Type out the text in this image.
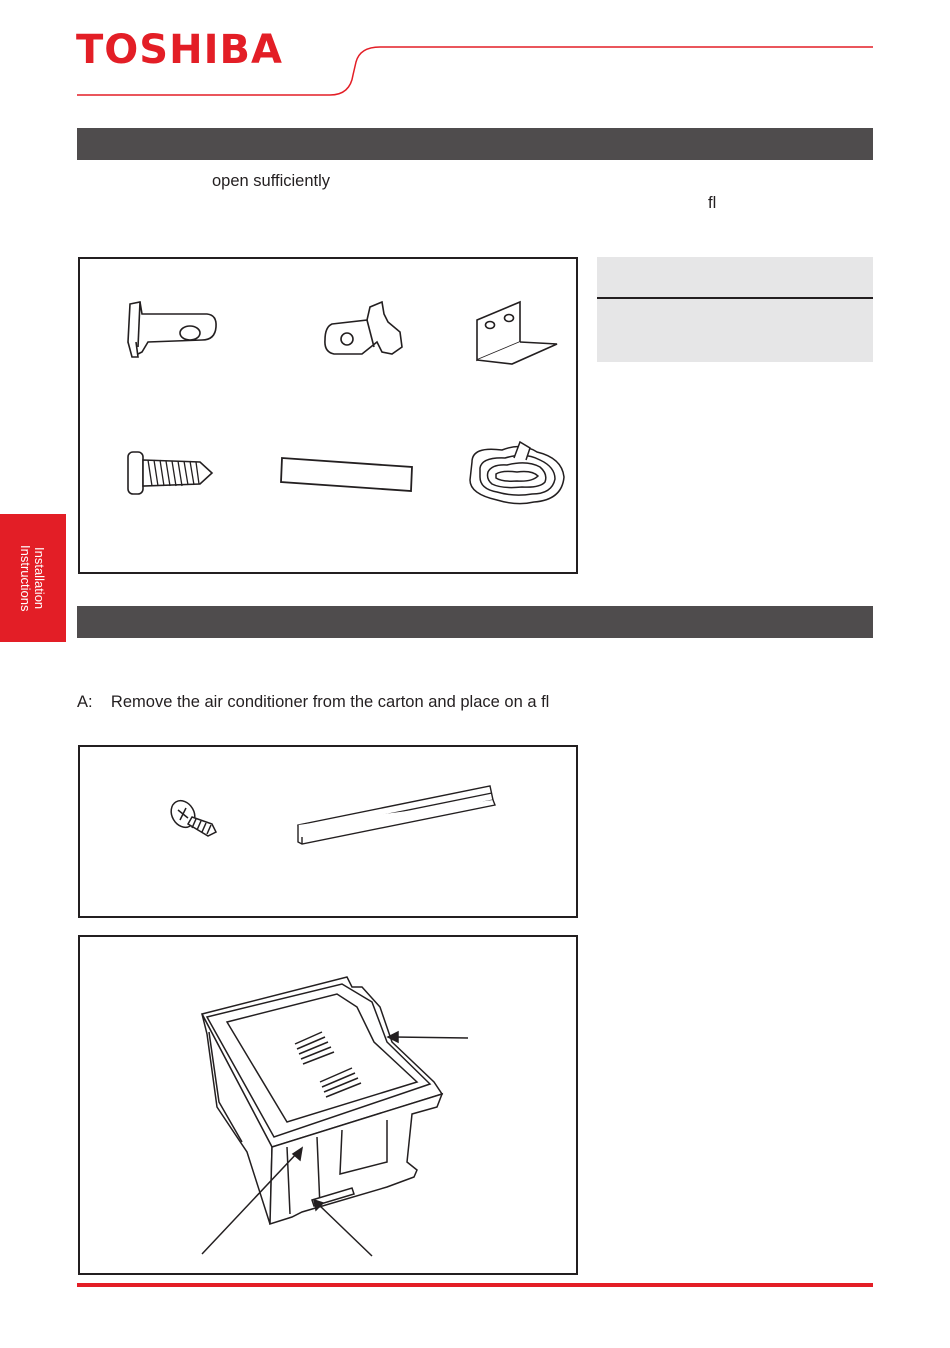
TOSHIBA
open sufficiently
fl
Installation
Instructions
A:    Remove the air conditioner from the carton and place on a fl
